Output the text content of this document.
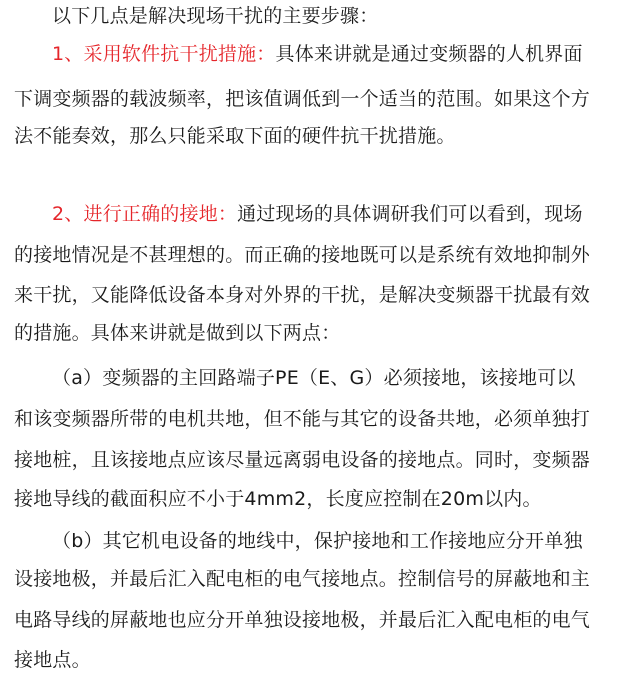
以下几点是解决现场干扰的主要步骤：
1、采用软件抗干扰措施：具体来讲就是通过变频器的人机界面
下调变频器的载波频率，把该值调低到一个适当的范围。如果这个方
法不能奏效，那么只能采取下面的硬件抗干扰措施。
2、进行正确的接地：通过现场的具体调研我们可以看到，现场
的接地情况是不甚理想的。而正确的接地既可以是系统有效地抑制外
来干扰，又能降低设备本身对外界的干扰，是解决变频器干扰最有效
的措施。具体来讲就是做到以下两点：
（a）变频器的主回路端子PE（E、G）必须接地，该接地可以
和该变频器所带的电机共地，但不能与其它的设备共地，必须单独打
接地桩，且该接地点应该尽量远离弱电设备的接地点。同时，变频器
接地导线的截面积应不小于4mm2，长度应控制在20m以内。
（b）其它机电设备的地线中，保护接地和工作接地应分开单独
设接地极，并最后汇入配电柜的电气接地点。控制信号的屏蔽地和主
电路导线的屏蔽地也应分开单独设接地极，并最后汇入配电柜的电气
接地点。
